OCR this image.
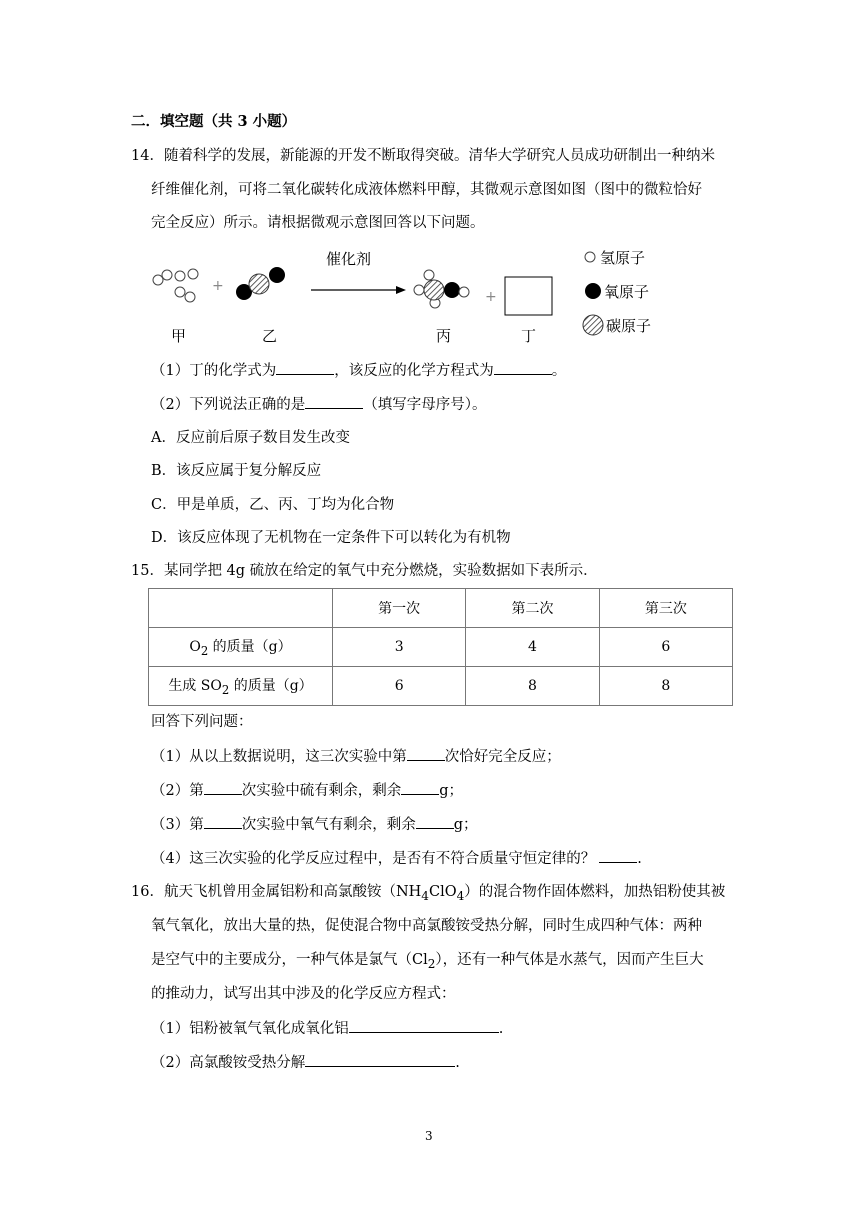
二．填空题（共 3 小题）
14．随着科学的发展，新能源的开发不断取得突破。清华大学研究人员成功研制出一种纳米
纤维催化剂，可将二氧化碳转化成液体燃料甲醇，其微观示意图如图（图中的微粒恰好
完全反应）所示。请根据微观示意图回答以下问题。
+
催化剂
+
甲	乙	丙	丁
氢原子
氧原子
碳原子
（1）丁的化学式为	，该反应的化学方程式为	。
（2）下列说法正确的是	（填写字母序号）。
A．反应前后原子数目发生改变
B．该反应属于复分解反应
C．甲是单质，乙、丙、丁均为化合物
D．该反应体现了无机物在一定条件下可以转化为有机物
15．某同学把 4g 硫放在给定的氧气中充分燃烧，实验数据如下表所示．
	第一次	第二次	第三次
$O_2$ 的质量（g）	3	4	6
生成 $SO_2$ 的质量（g）	6	8	8
回答下列问题：
（1）从以上数据说明，这三次实验中第	次恰好完全反应；
（2）第	次实验中硫有剩余，剩余	g；
（3）第	次实验中氧气有剩余，剩余	g；
（4）这三次实验的化学反应过程中，是否有不符合质量守恒定律的？	.
16．航天飞机曾用金属铝粉和高氯酸铵$(NH_4ClO_4)$的混合物作固体燃料，加热铝粉使其被
氧气氧化，放出大量的热，促使混合物中高氯酸铵受热分解，同时生成四种气体：两种
是空气中的主要成分，一种气体是氯气$(Cl_2)$，还有一种气体是水蒸气，因而产生巨大
的推动力，试写出其中涉及的化学反应方程式：
（1）铝粉被氧气氧化成氧化铝	.
（2）高氯酸铵受热分解	.
3
